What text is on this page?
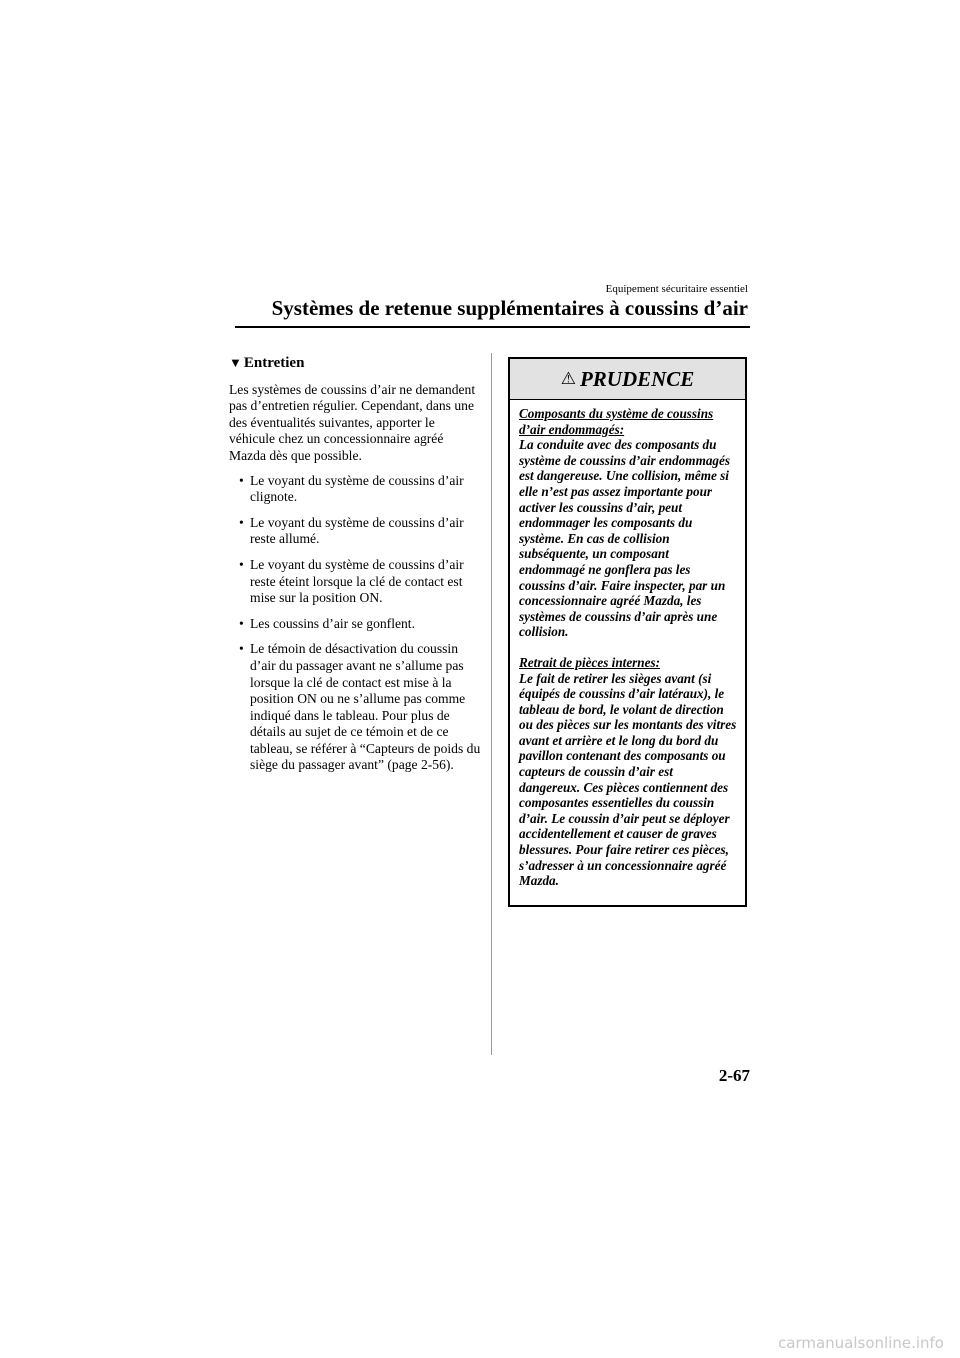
Equipement sécuritaire essentiel
Systèmes de retenue supplémentaires à coussins d’air
▼ Entretien

Les systèmes de coussins d’air ne demandent pas d’entretien régulier. Cependant, dans une des éventualités suivantes, apporter le véhicule chez un concessionnaire agréé Mazda dès que possible.

• Le voyant du système de coussins d’air clignote.
• Le voyant du système de coussins d’air reste allumé.
• Le voyant du système de coussins d’air reste éteint lorsque la clé de contact est mise sur la position ON.
• Les coussins d’air se gonflent.
• Le témoin de désactivation du coussin d’air du passager avant ne s’allume pas lorsque la clé de contact est mise à la position ON ou ne s’allume pas comme indiqué dans le tableau. Pour plus de détails au sujet de ce témoin et de ce tableau, se référer à “Capteurs de poids du siège du passager avant” (page 2-56).
⚠ PRUDENCE

Composants du système de coussins d’air endommagés:

La conduite avec des composants du système de coussins d’air endommagés est dangereuse. Une collision, même si elle n’est pas assez importante pour activer les coussins d’air, peut endommager les composants du système. En cas de collision subséquente, un composant endommagé ne gonflera pas les coussins d’air. Faire inspecter, par un concessionnaire agréé Mazda, les systèmes de coussins d’air après une collision.

Retrait de pièces internes:

Le fait de retirer les sièges avant (si équipés de coussins d’air latéraux), le tableau de bord, le volant de direction ou des pièces sur les montants des vitres avant et arrière et le long du bord du pavillon contenant des composants ou capteurs de coussin d’air est dangereux. Ces pièces contiennent des composantes essentielles du coussin d’air. Le coussin d’air peut se déployer accidentellement et causer de graves blessures. Pour faire retirer ces pièces, s’adresser à un concessionnaire agréé Mazda.

2-67
carmanualsonline.info
